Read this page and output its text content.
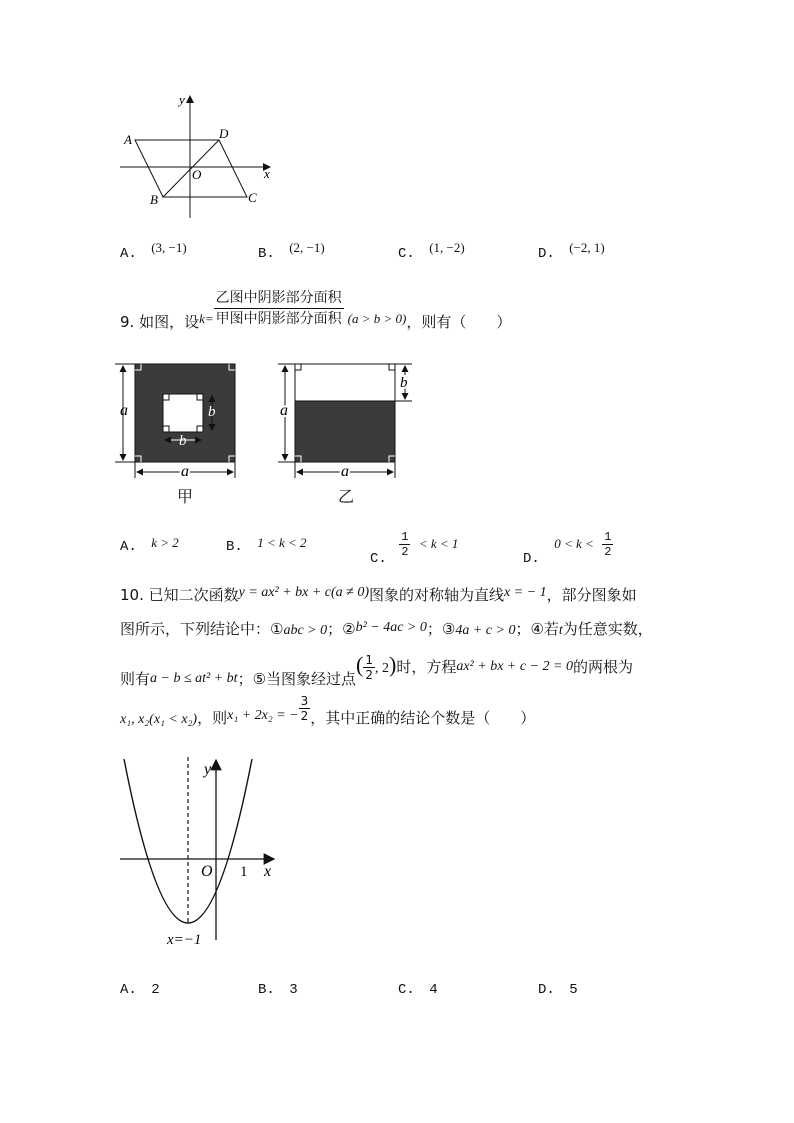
y
x
A	D
O
B	C
A. (3, −1)	B. (2, −1)	C. (1, −2)	D. (−2, 1)
9. 如图，设$k= \frac{\text{乙图中阴影部分面积}}{\text{甲图中阴影部分面积}} (a > b > 0)$，则有（　　）
a
a
b
b	a
a
b
甲	乙
A. k > 2	B. 1 < k < 2
C.
$\frac{1}{2} < k < 1$
D. $0 < k < \frac{1}{2}$
10. 已知二次函数y = ax² + bx + c(a ≠ 0)图象的对称轴为直线x = − 1，部分图象如
图所示，下列结论中：①abc > 0；②b² − 4ac > 0；③4a + c > 0；④若t为任意实数，
则有a − b ≤ at² + bt；⑤当图象经过点( $\frac{1}{2}$ , 2)时，方程ax² + bx + c − 2 = 0的两根为
x₁, x₂(x₁ < x₂)，则x₁ + 2x₂ = − $\frac{3}{2}$ ，其中正确的结论个数是（　　）
y
x
O 1
x=−1
A. 2	B. 3	C. 4	D. 5
